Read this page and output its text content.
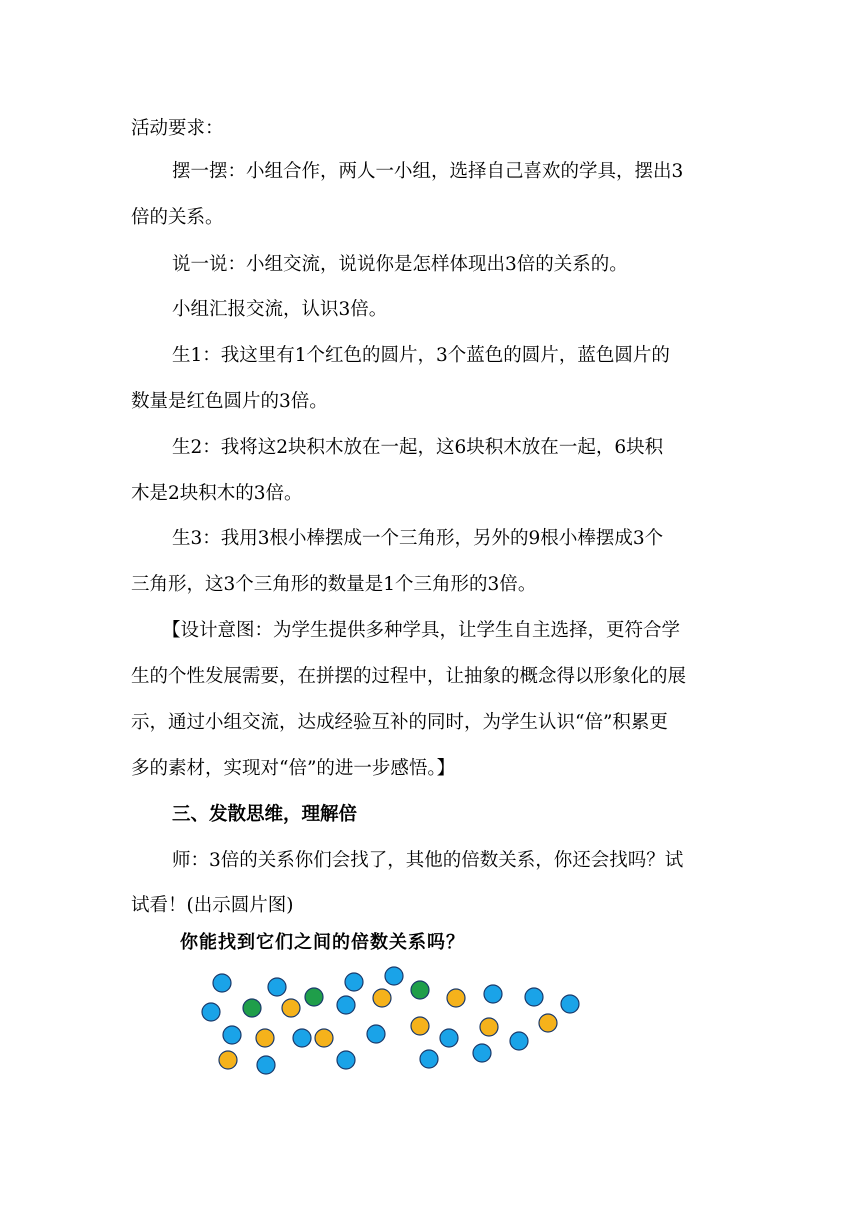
活动要求：
摆一摆：小组合作，两人一小组，选择自己喜欢的学具，摆出3
倍的关系。
说一说：小组交流，说说你是怎样体现出3倍的关系的。
小组汇报交流，认识3倍。
生1：我这里有1个红色的圆片，3个蓝色的圆片，蓝色圆片的
数量是红色圆片的3倍。
生2：我将这2块积木放在一起，这6块积木放在一起，6块积
木是2块积木的3倍。
生3：我用3根小棒摆成一个三角形，另外的9根小棒摆成3个
三角形，这3个三角形的数量是1个三角形的3倍。
【设计意图：为学生提供多种学具，让学生自主选择，更符合学
生的个性发展需要，在拼摆的过程中，让抽象的概念得以形象化的展
示，通过小组交流，达成经验互补的同时，为学生认识“倍”积累更
多的素材，实现对“倍”的进一步感悟。】
三、发散思维，理解倍
师：3倍的关系你们会找了，其他的倍数关系，你还会找吗？试
试看！(出示圆片图)
你能找到它们之间的倍数关系吗？
